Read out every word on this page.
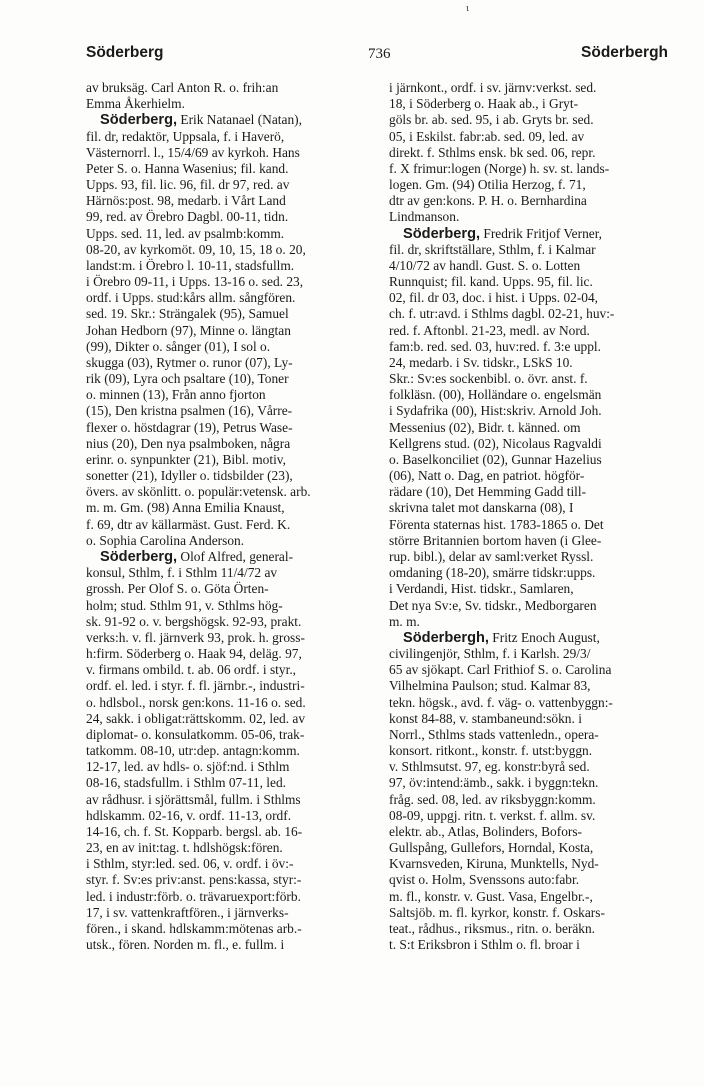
ι
Söderberg	736	Söderbergh
av bruksäg. Carl Anton R. o. frih:an
Emma Åkerhielm.
Söderberg, Erik Natanael (Natan),
fil. dr, redaktör, Uppsala, f. i Haverö,
Västernorrl. l., 15/4/69 av kyrkoh. Hans
Peter S. o. Hanna Wasenius; fil. kand.
Upps. 93, fil. lic. 96, fil. dr 97, red. av
Härnös:post. 98, medarb. i Vårt Land
99, red. av Örebro Dagbl. 00-11, tidn.
Upps. sed. 11, led. av psalmb:komm.
08-20, av kyrkomöt. 09, 10, 15, 18 o. 20,
landst:m. i Örebro l. 10-11, stadsfullm.
i Örebro 09-11, i Upps. 13-16 o. sed. 23,
ordf. i Upps. stud:kårs allm. sångfören.
sed. 19. Skr.: Strängalek (95), Samuel
Johan Hedborn (97), Minne o. längtan
(99), Dikter o. sånger (01), I sol o.
skugga (03), Rytmer o. runor (07), Ly-
rik (09), Lyra och psaltare (10), Toner
o. minnen (13), Från anno fjorton
(15), Den kristna psalmen (16), Vårre-
flexer o. höstdagrar (19), Petrus Wase-
nius (20), Den nya psalmboken, några
erinr. o. synpunkter (21), Bibl. motiv,
sonetter (21), Idyller o. tidsbilder (23),
övers. av skönlitt. o. populär:vetensk. arb.
m. m. Gm. (98) Anna Emilia Knaust,
f. 69, dtr av källarmäst. Gust. Ferd. K.
o. Sophia Carolina Anderson.
Söderberg, Olof Alfred, general-
konsul, Sthlm, f. i Sthlm 11/4/72 av
grossh. Per Olof S. o. Göta Örten-
holm; stud. Sthlm 91, v. Sthlms hög-
sk. 91-92 o. v. bergshögsk. 92-93, prakt.
verks:h. v. fl. järnverk 93, prok. h. gross-
h:firm. Söderberg o. Haak 94, deläg. 97,
v. firmans ombild. t. ab. 06 ordf. i styr.,
ordf. el. led. i styr. f. fl. järnbr.-, industri-
o. hdlsbol., norsk gen:kons. 11-16 o. sed.
24, sakk. i obligat:rättskomm. 02, led. av
diplomat- o. konsulatkomm. 05-06, trak-
tatkomm. 08-10, utr:dep. antagn:komm.
12-17, led. av hdls- o. sjöf:nd. i Sthlm
08-16, stadsfullm. i Sthlm 07-11, led.
av rådhusr. i sjörättsmål, fullm. i Sthlms
hdlskamm. 02-16, v. ordf. 11-13, ordf.
14-16, ch. f. St. Kopparb. bergsl. ab. 16-
23, en av init:tag. t. hdlshögsk:fören.
i Sthlm, styr:led. sed. 06, v. ordf. i öv:-
styr. f. Sv:es priv:anst. pens:kassa, styr:-
led. i industr:förb. o. trävaruexport:förb.
17, i sv. vattenkraftfören., i järnverks-
fören., i skand. hdlskamm:mötenas arb.-
utsk., fören. Norden m. fl., e. fullm. i
i järnkont., ordf. i sv. järnv:verkst. sed.
18, i Söderberg o. Haak ab., i Gryt-
göls br. ab. sed. 95, i ab. Gryts br. sed.
05, i Eskilst. fabr:ab. sed. 09, led. av
direkt. f. Sthlms ensk. bk sed. 06, repr.
f. X frimur:logen (Norge) h. sv. st. lands-
logen. Gm. (94) Otilia Herzog, f. 71,
dtr av gen:kons. P. H. o. Bernhardina
Lindmanson.
Söderberg, Fredrik Fritjof Verner,
fil. dr, skriftställare, Sthlm, f. i Kalmar
4/10/72 av handl. Gust. S. o. Lotten
Runnquist; fil. kand. Upps. 95, fil. lic.
02, fil. dr 03, doc. i hist. i Upps. 02-04,
ch. f. utr:avd. i Sthlms dagbl. 02-21, huv:-
red. f. Aftonbl. 21-23, medl. av Nord.
fam:b. red. sed. 03, huv:red. f. 3:e uppl.
24, medarb. i Sv. tidskr., LSkS 10.
Skr.: Sv:es sockenbibl. o. övr. anst. f.
folkläsn. (00), Holländare o. engelsmän
i Sydafrika (00), Hist:skriv. Arnold Joh.
Messenius (02), Bidr. t. känned. om
Kellgrens stud. (02), Nicolaus Ragvaldi
o. Baselkonciliet (02), Gunnar Hazelius
(06), Natt o. Dag, en patriot. högför-
rädare (10), Det Hemming Gadd till-
skrivna talet mot danskarna (08), I
Förenta staternas hist. 1783-1865 o. Det
större Britannien bortom haven (i Glee-
rup. bibl.), delar av saml:verket Ryssl.
omdaning (18-20), smärre tidskr:upps.
i Verdandi, Hist. tidskr., Samlaren,
Det nya Sv:e, Sv. tidskr., Medborgaren
m. m.
Söderbergh, Fritz Enoch August,
civilingenjör, Sthlm, f. i Karlsh. 29/3/
65 av sjökapt. Carl Frithiof S. o. Carolina
Vilhelmina Paulson; stud. Kalmar 83,
tekn. högsk., avd. f. väg- o. vattenbyggn:-
konst 84-88, v. stambaneund:sökn. i
Norrl., Sthlms stads vattenledn., opera-
konsort. ritkont., konstr. f. utst:byggn.
v. Sthlmsutst. 97, eg. konstr:byrå sed.
97, öv:intend:ämb., sakk. i byggn:tekn.
fråg. sed. 08, led. av riksbyggn:komm.
08-09, uppgj. ritn. t. verkst. f. allm. sv.
elektr. ab., Atlas, Bolinders, Bofors-
Gullspång, Gullefors, Horndal, Kosta,
Kvarnsveden, Kiruna, Munktells, Nyd-
qvist o. Holm, Svenssons auto:fabr.
m. fl., konstr. v. Gust. Vasa, Engelbr.-,
Saltsjöb. m. fl. kyrkor, konstr. f. Oskars-
teat., rådhus., riksmus., ritn. o. beräkn.
t. S:t Eriksbron i Sthlm o. fl. broar i
